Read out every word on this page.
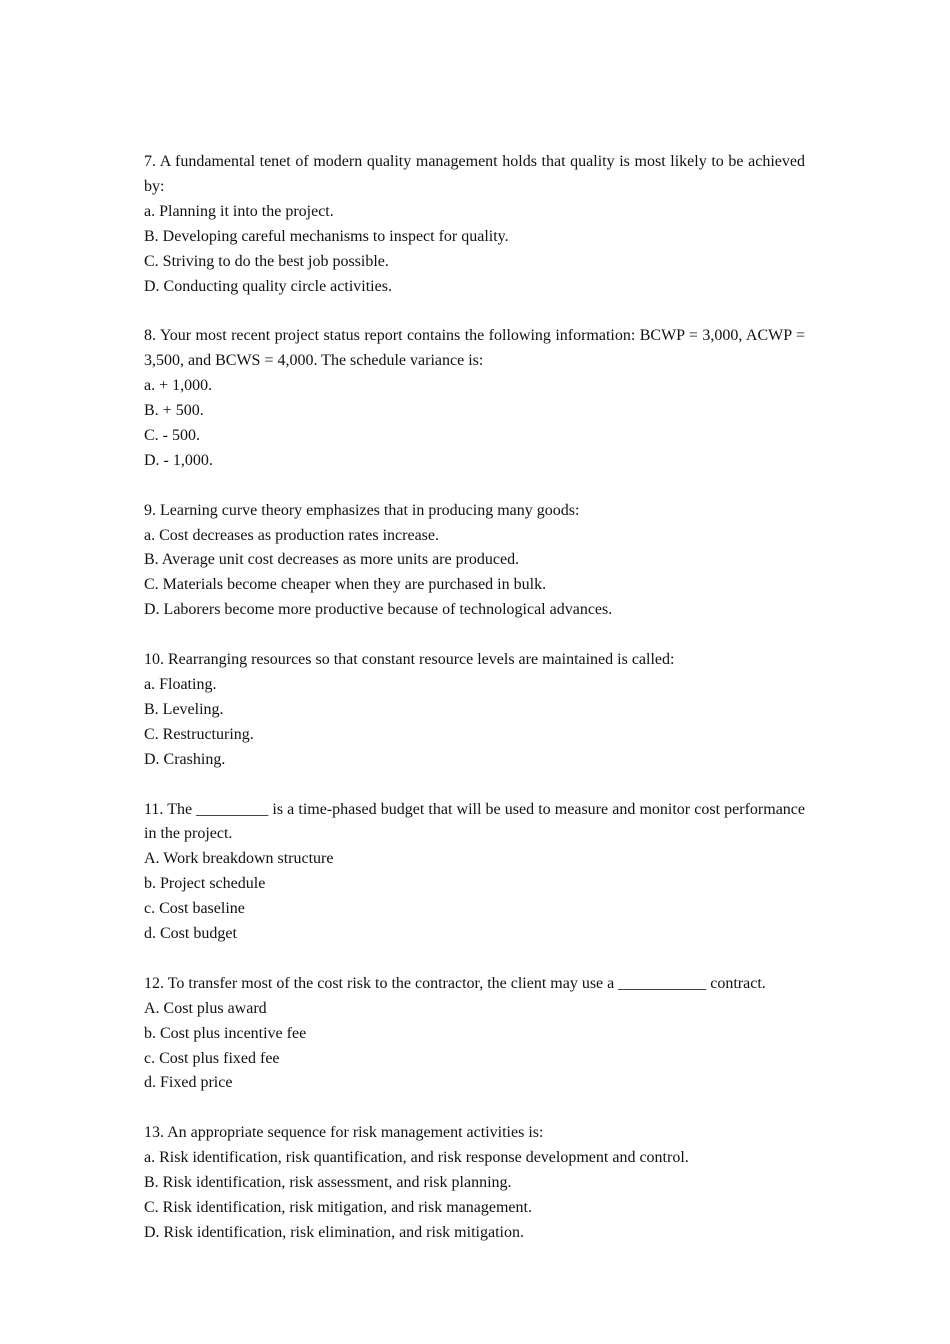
7. A fundamental tenet of modern quality management holds that quality is most likely to be achieved by:

a. Planning it into the project.

B. Developing careful mechanisms to inspect for quality.

C. Striving to do the best job possible.

D. Conducting quality circle activities.

8. Your most recent project status report contains the following information: BCWP = 3,000, ACWP = 3,500, and BCWS = 4,000. The schedule variance is:

a. + 1,000.

B. + 500.

C. - 500.

D. - 1,000.

9. Learning curve theory emphasizes that in producing many goods:

a. Cost decreases as production rates increase.

B. Average unit cost decreases as more units are produced.

C. Materials become cheaper when they are purchased in bulk.

D. Laborers become more productive because of technological advances.

10. Rearranging resources so that constant resource levels are maintained is called:

a. Floating.

B. Leveling.

C. Restructuring.

D. Crashing.

11. The _________ is a time-phased budget that will be used to measure and monitor cost performance in the project.

A. Work breakdown structure

b. Project schedule

c. Cost baseline

d. Cost budget

12. To transfer most of the cost risk to the contractor, the client may use a ___________ contract.

A. Cost plus award

b. Cost plus incentive fee

c. Cost plus fixed fee

d. Fixed price

13. An appropriate sequence for risk management activities is:

a. Risk identification, risk quantification, and risk response development and control.

B. Risk identification, risk assessment, and risk planning.

C. Risk identification, risk mitigation, and risk management.

D. Risk identification, risk elimination, and risk mitigation.
